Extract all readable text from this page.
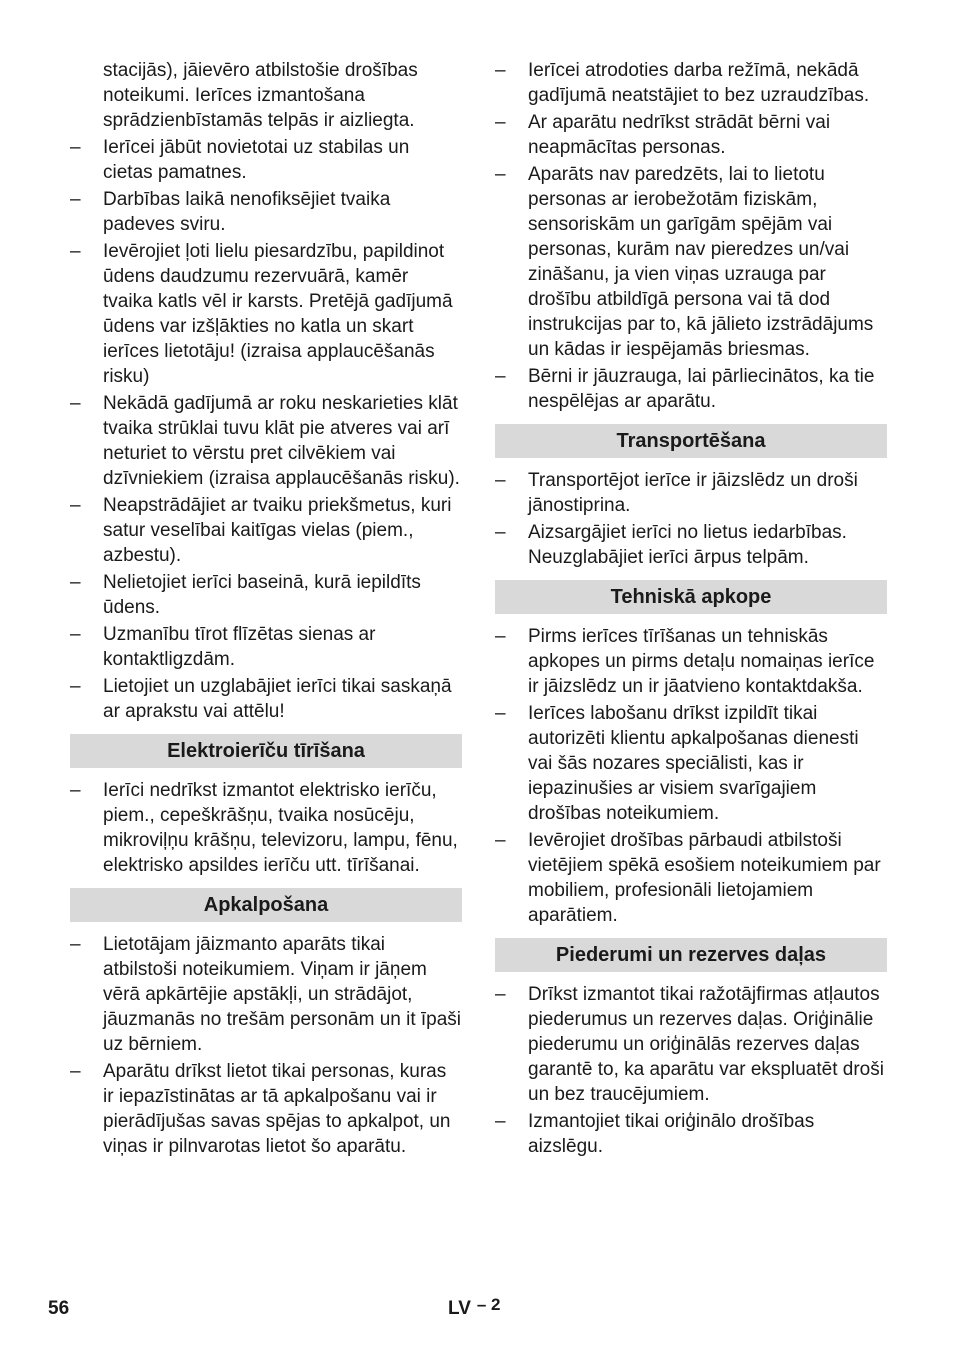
stacijās), jāievēro atbilstošie drošības noteikumi. Ierīces izmantošana sprādzienbīstamās telpās ir aizliegta.

–	Ierīcei jābūt novietotai uz stabilas un cietas pamatnes.
–	Darbības laikā nenofiksējiet tvaika padeves sviru.
–	Ievērojiet ļoti lielu piesardzību, papildinot ūdens daudzumu rezervuārā, kamēr tvaika katls vēl ir karsts. Pretējā gadījumā ūdens var izšļākties no katla un skart ierīces lietotāju! (izraisa applaucēšanās risku)
–	Nekādā gadījumā ar roku neskarieties klāt tvaika strūklai tuvu klāt pie atveres vai arī neturiet to vērstu pret cilvēkiem vai dzīvniekiem (izraisa applaucēšanās risku).
–	Neapstrādājiet ar tvaiku priekšmetus, kuri satur veselībai kaitīgas vielas (piem., azbestu).
–	Nelietojiet ierīci baseinā, kurā iepildīts ūdens.
–	Uzmanību tīrot flīzētas sienas ar kontaktligzdām.
–	Lietojiet un uzglabājiet ierīci tikai saskaņā ar aprakstu vai attēlu!
Elektroierīču tīrīšana
–	Ierīci nedrīkst izmantot elektrisko ierīču, piem., cepeškrāšņu, tvaika nosūcēju, mikroviļņu krāšņu, televizoru, lampu, fēnu, elektrisko apsildes ierīču utt. tīrīšanai.
Apkalpošana
–	Lietotājam jāizmanto aparāts tikai atbilstoši noteikumiem. Viņam ir jāņem vērā apkārtējie apstākļi, un strādājot, jāuzmanās no trešām personām un it īpaši uz bērniem.
–	Aparātu drīkst lietot tikai personas, kuras ir iepazīstinātas ar tā apkalpošanu vai ir pierādījušas savas spējas to apkalpot, un viņas ir pilnvarotas lietot šo aparātu.
–	Ierīcei atrodoties darba režīmā, nekādā gadījumā neatstājiet to bez uzraudzības.
–	Ar aparātu nedrīkst strādāt bērni vai neapmācītas personas.
–	Aparāts nav paredzēts, lai to lietotu personas ar ierobežotām fiziskām, sensoriskām un garīgām spējām vai personas, kurām nav pieredzes un/vai zināšanu, ja vien viņas uzrauga par drošību atbildīgā persona vai tā dod instrukcijas par to, kā jālieto izstrādājums un kādas ir iespējamās briesmas.
–	Bērni ir jāuzrauga, lai pārliecinātos, ka tie nespēlējas ar aparātu.
Transportēšana
–	Transportējot ierīce ir jāizslēdz un droši jānostiprina.
–	Aizsargājiet ierīci no lietus iedarbības. Neuzglabājiet ierīci ārpus telpām.
Tehniskā apkope
–	Pirms ierīces tīrīšanas un tehniskās apkopes un pirms detaļu nomaiņas ierīce ir jāizslēdz un ir jāatvieno kontaktdakša.
–	Ierīces labošanu drīkst izpildīt tikai autorizēti klientu apkalpošanas dienesti vai šās nozares speciālisti, kas ir iepazinušies ar visiem svarīgajiem drošības noteikumiem.
–	Ievērojiet drošības pārbaudi atbilstoši vietējiem spēkā esošiem noteikumiem par mobiliem, profesionāli lietojamiem aparātiem.
Piederumi un rezerves daļas
–	Drīkst izmantot tikai ražotājfirmas atļautos piederumus un rezerves daļas. Oriģinālie piederumu un oriģinālās rezerves daļas garantē to, ka aparātu var ekspluatēt droši un bez traucējumiem.
–	Izmantojiet tikai oriģinālo drošības aizslēgu.
56	LV – 2
